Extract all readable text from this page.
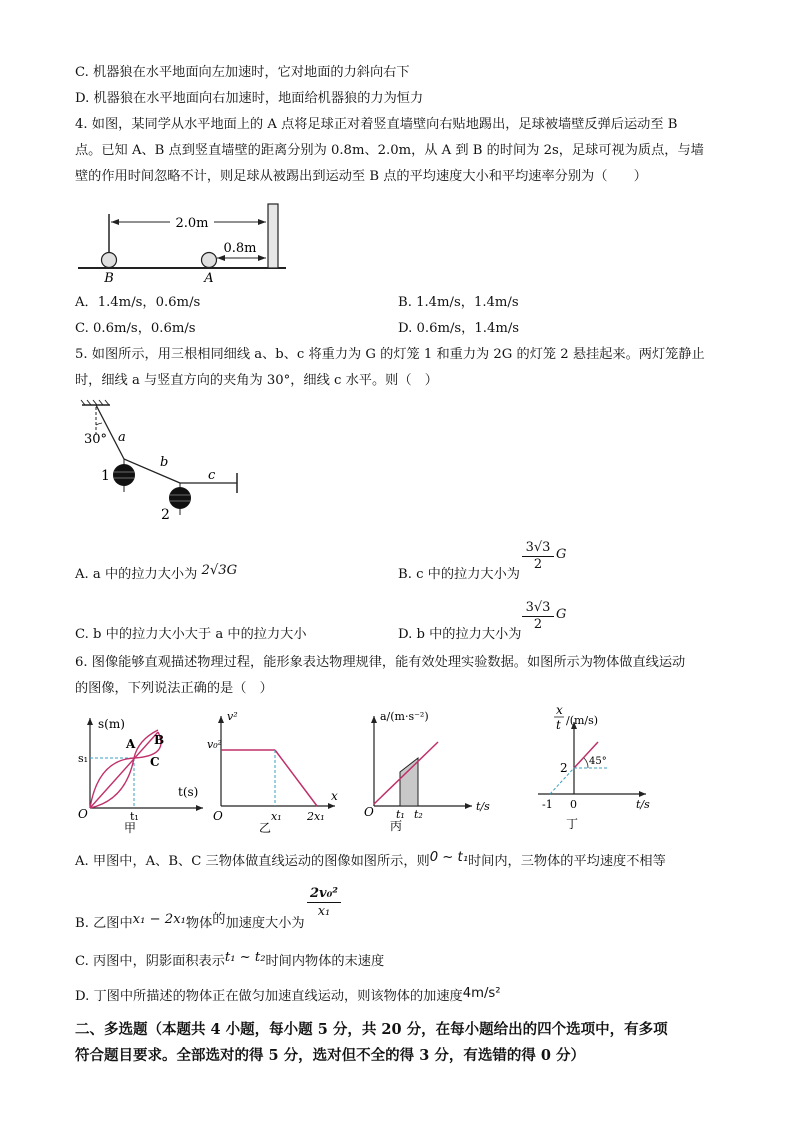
C. 机器狼在水平地面向左加速时，它对地面的力斜向右下
D. 机器狼在水平地面向右加速时，地面给机器狼的力为恒力
4. 如图，某同学从水平地面上的 A 点将足球正对着竖直墙壁向右贴地踢出，足球被墙壁反弹后运动至 B
点。已知 A、B 点到竖直墙壁的距离分别为 0.8m、2.0m，从 A 到 B 的时间为 2s，足球可视为质点，与墙
壁的作用时间忽略不计，则足球从被踢出到运动至 B 点的平均速度大小和平均速率分别为（　　）
2.0m
0.8m
B	A
A．1.4m/s，0.6m/s	B. 1.4m/s，1.4m/s
C. 0.6m/s，0.6m/s	D. 0.6m/s，1.4m/s
5. 如图所示，用三根相同细线 a、b、c 将重力为 G 的灯笼 1 和重力为 2G 的灯笼 2 悬挂起来。两灯笼静止
时，细线 a 与竖直方向的夹角为 30°，细线 c 水平。则（　）
30° a
b
c
1
2
A. a 中的拉力大小为 2√3G	B. c 中的拉力大小为
$\frac{3√3}{2}$ G
C. b 中的拉力大小大于 a 中的拉力大小	D. b 中的拉力大小为
$\frac{3√3}{2}$ G
6. 图像能够直观描述物理过程，能形象表达物理规律，能有效处理实验数据。如图所示为物体做直线运动
的图像，下列说法正确的是（　）
s(m)
t(s)
A B
C
s₁
t₁
O
甲
v²
v₀²
O	x₁ 2x₁
x
乙
a/(m·s⁻²)
O t₁ t₂
t/s
丙
x
t /(m/s)
2 45°
-1 0	t/s
丁
A. 甲图中，A、B、C 三物体做直线运动的图像如图所示，则0 ~ t₁时间内，三物体的平均速度不相等
B. 乙图中x₁ − 2x₁物体的加速度大小为
$\frac{\text{2v₀²}}{\text{x₁}}$
C. 丙图中，阴影面积表示t₁ ~ t₂时间内物体的末速度
D. 丁图中所描述的物体正在做匀加速直线运动，则该物体的加速度4m/s²
二、多选题（本题共 4 小题，每小题 5 分，共 20 分，在每小题给出的四个选项中，有多项
符合题目要求。全部选对的得 5 分，选对但不全的得 3 分，有选错的得 0 分）
